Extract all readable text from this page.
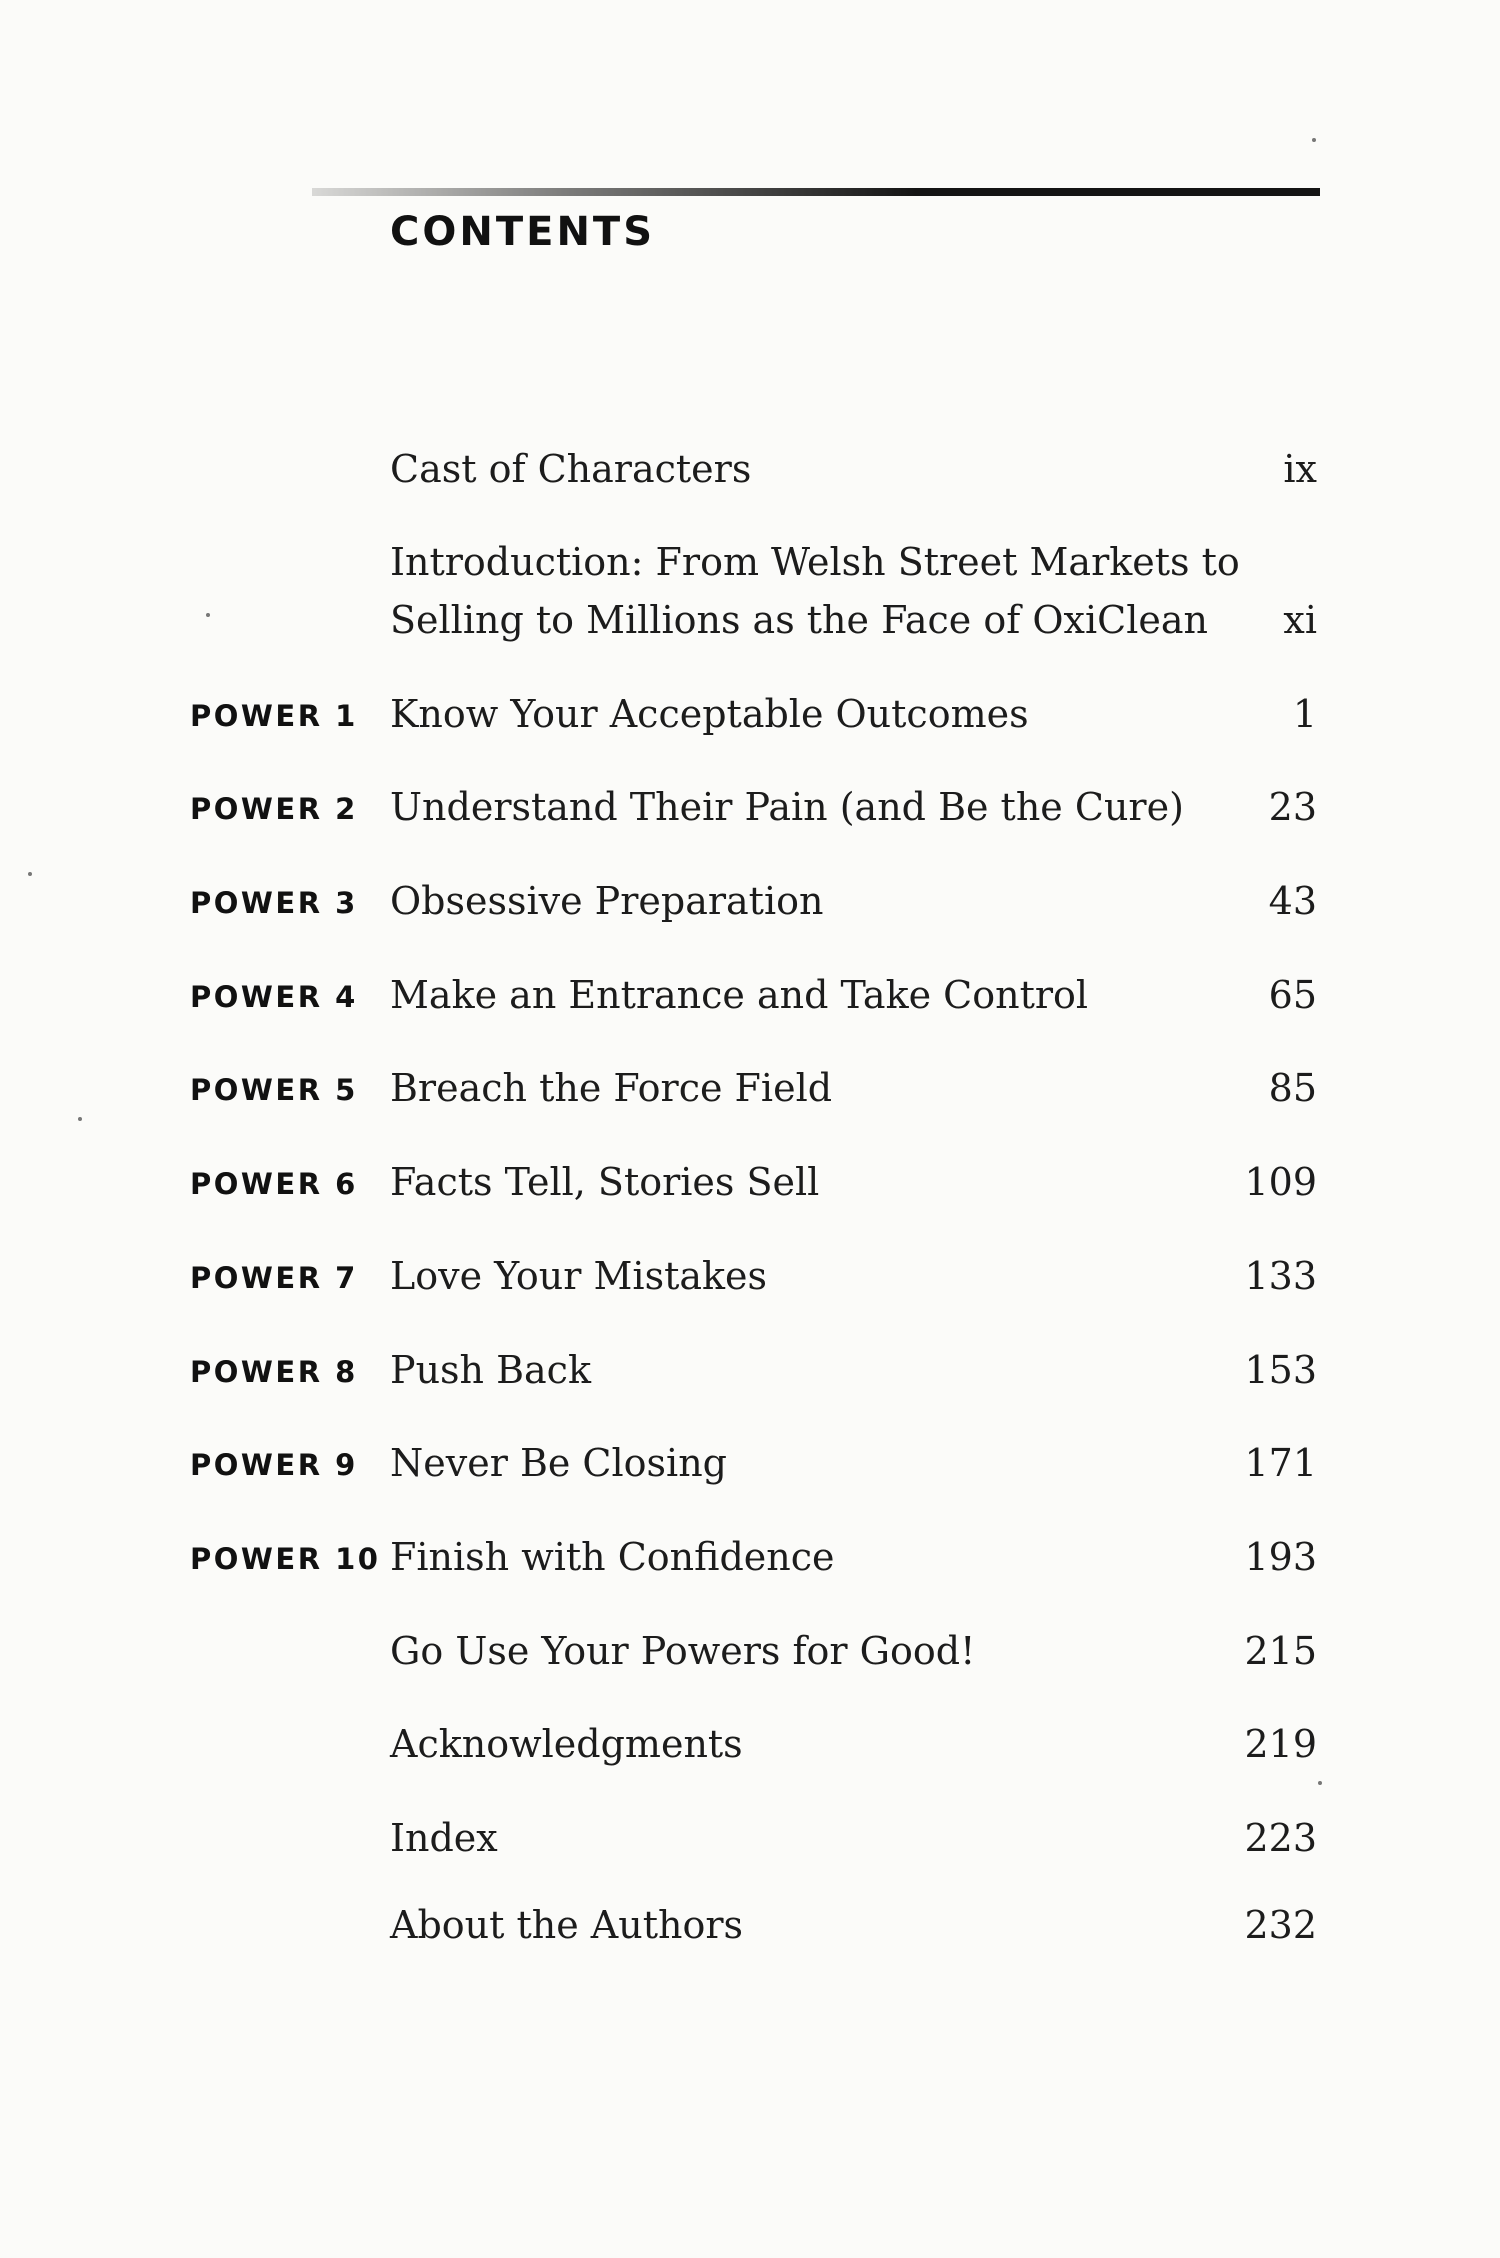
CONTENTS
Cast of Characters	ix
Introduction: From Welsh Street Markets to
Selling to Millions as the Face of OxiClean	xi
POWER 1 Know Your Acceptable Outcomes	1
POWER 2 Understand Their Pain (and Be the Cure)	23
POWER 3 Obsessive Preparation	43
POWER 4 Make an Entrance and Take Control	65
POWER 5 Breach the Force Field	85
POWER 6 Facts Tell, Stories Sell	109
POWER 7 Love Your Mistakes	133
POWER 8 Push Back	153
POWER 9 Never Be Closing	171
POWER 10 Finish with Confidence	193
Go Use Your Powers for Good!	215
Acknowledgments	219
Index	223
About the Authors	232
